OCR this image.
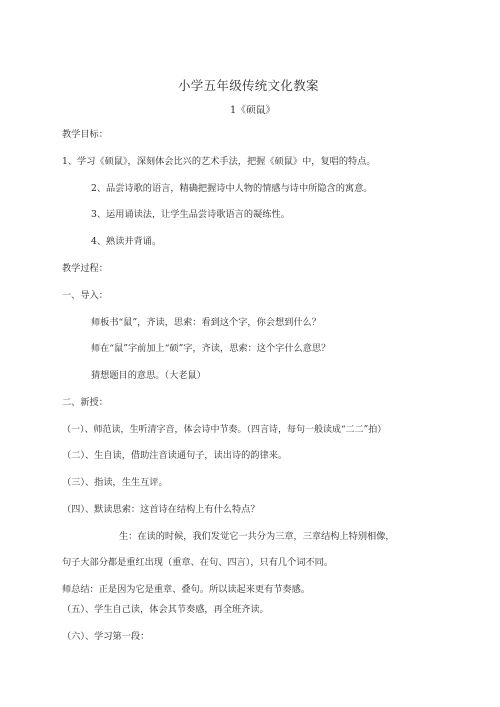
小学五年级传统文化教案
1《硕鼠》
教学目标：
1、学习《硕鼠》，深刻体会比兴的艺术手法，把握《硕鼠》中，复唱的特点。
2、品尝诗歌的语言，精确把握诗中人物的情感与诗中所隐含的寓意。
3、运用诵读法，让学生品尝诗歌语言的凝练性。
4、熟读并背诵。
教学过程：
一、导入：
师板书“鼠”，齐读，思索：看到这个字，你会想到什么？
师在“鼠”字前加上“硕”字，齐读，思索：这个字什么意思？
猜想题目的意思。（大老鼠）
二、新授：
（一）、师范读，生听清字音，体会诗中节奏。（四言诗，每句一般读成“二二”拍）
（二）、生自读，借助注音读通句子，读出诗的韵律来。
（三）、指读，生生互评。
（四）、默读思索：这首诗在结构上有什么特点？
生：在读的时候，我们发觉它一共分为三章，三章结构上特别相像，
句子大部分都是重红出现（重章、在句、四言），只有几个词不同。
师总结：正是因为它是重章、叠句。所以读起来更有节奏感。
（五）、学生自己读，体会其节奏感，再全班齐读。
（六）、学习第一段：
